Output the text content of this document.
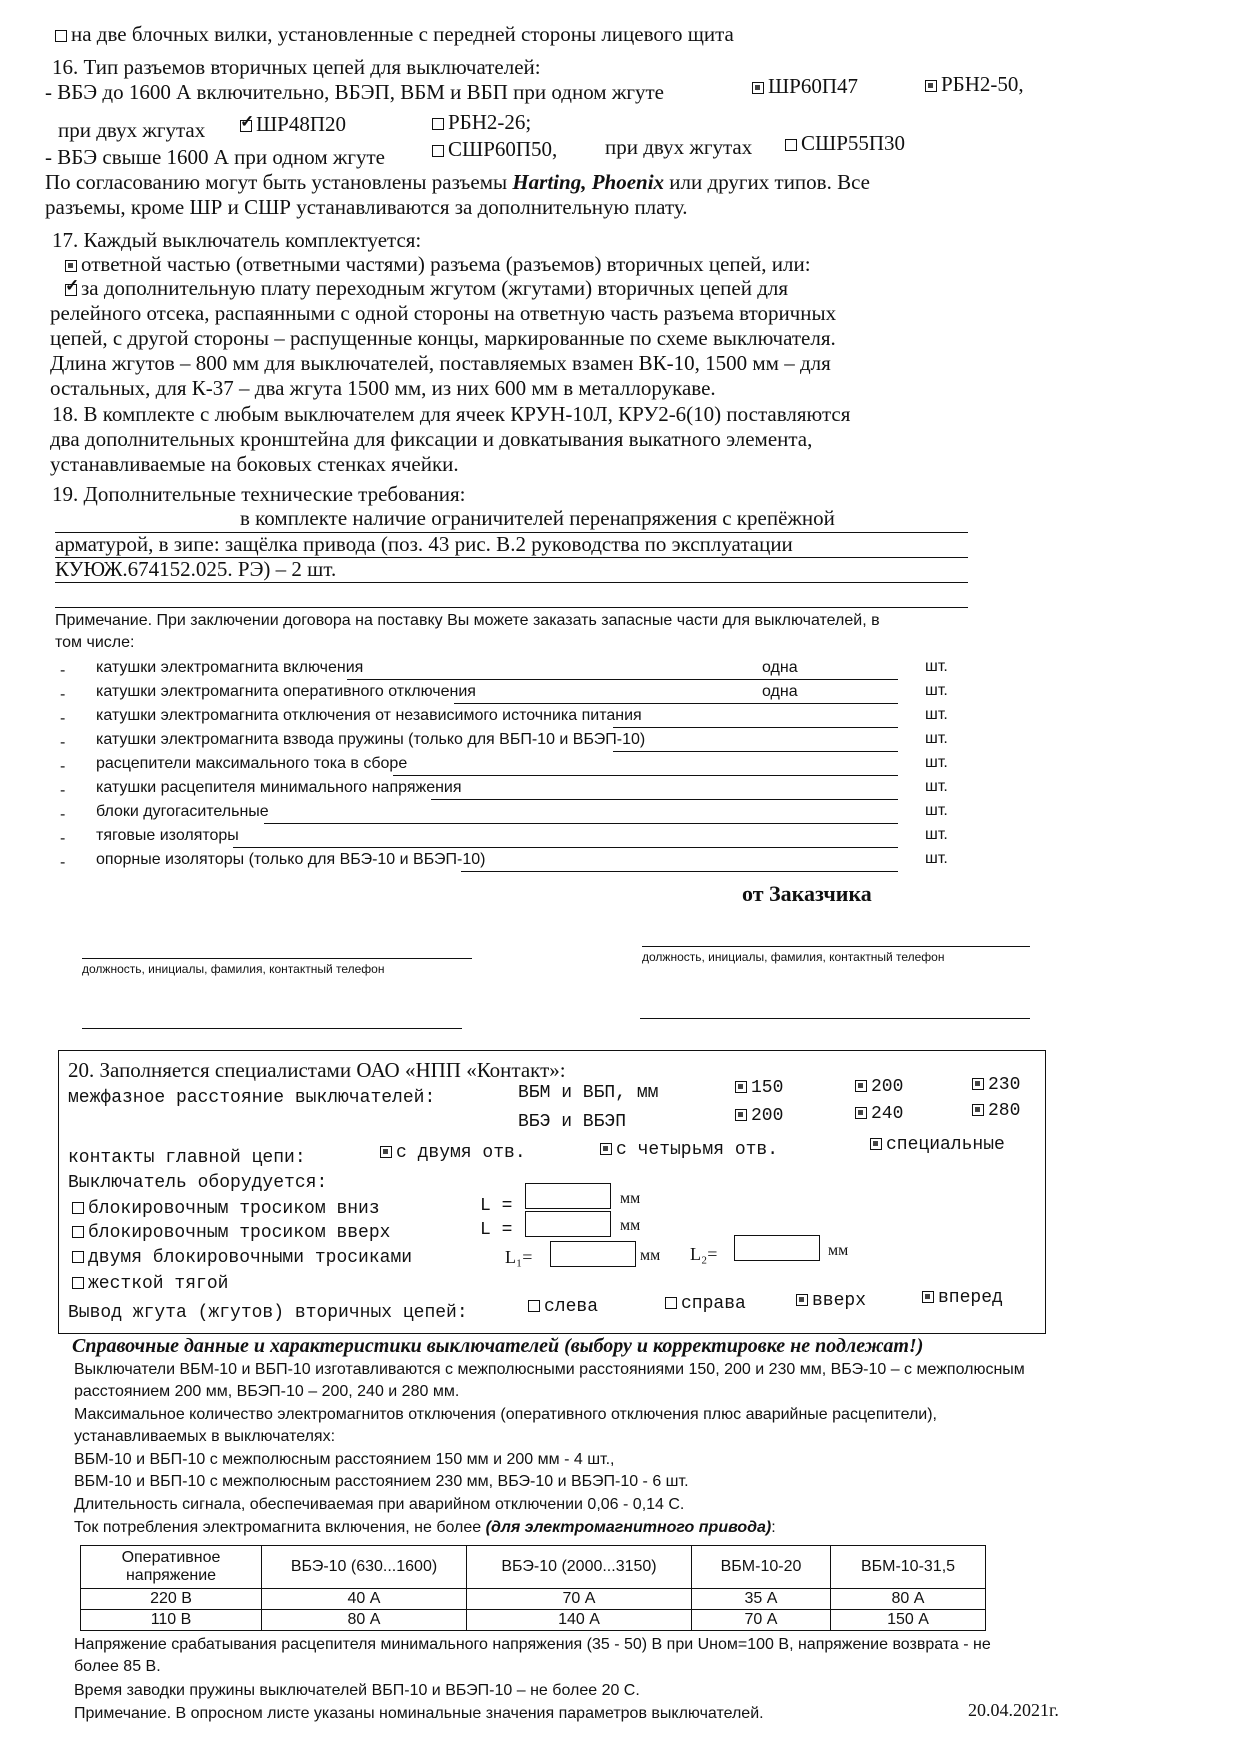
на две блочных вилки, установленные с передней стороны лицевого щита
16. Тип разъемов вторичных цепей для выключателей:
- ВБЭ до 1600 А включительно, ВБЭП, ВБМ и ВБП при одном жгуте	ШР60П47	РБН2-50,
при двух жгутах ✓	ШР48П20	РБН2-26;
- ВБЭ свыше 1600 А при одном жгуте	СШР60П50, при двух жгутах	СШР55П30
По согласованию могут быть установлены разъемы Harting, Phoenix или других типов. Все
разъемы, кроме ШР и СШР устанавливаются за дополнительную плату.
17. Каждый выключатель комплектуется:
ответной частью (ответными частями) разъема (разъемов) вторичных цепей, или:
✓за дополнительную плату переходным жгутом (жгутами) вторичных цепей для
релейного отсека, распаянными с одной стороны на ответную часть разъема вторичных
цепей, с другой стороны – распущенные концы, маркированные по схеме выключателя.
Длина жгутов – 800 мм для выключателей, поставляемых взамен ВК-10, 1500 мм – для
остальных, для К-37 – два жгута 1500 мм, из них 600 мм в металлорукаве.
18. В комплекте с любым выключателем для ячеек КРУН-10Л, КРУ2-6(10) поставляются
два дополнительных кронштейна для фиксации и довкатывания выкатного элемента,
устанавливаемые на боковых стенках ячейки.
19. Дополнительные технические требования:
в комплекте наличие ограничителей перенапряжения с крепёжной
арматурой, в зипе: защёлка привода (поз. 43 рис. В.2 руководства по эксплуатации
КУЮЖ.674152.025. РЭ) – 2 шт.
Примечание. При заключении договора на поставку Вы можете заказать запасные части для выключателей, в
том числе:
- катушки электромагнита включения	одна	шт.
- катушки электромагнита оперативного отключения	одна	шт.
- катушки электромагнита отключения от независимого источника питания	шт.
- катушки электромагнита взвода пружины (только для ВБП-10 и ВБЭП-10)	шт.
- расцепители максимального тока в сборе	шт.
- катушки расцепителя минимального напряжения	шт.
- блоки дугогасительные	шт.
- тяговые изоляторы	шт.
- опорные изоляторы (только для ВБЭ-10 и ВБЭП-10)	шт.
от Заказчика
должность, инициалы, фамилия, контактный телефон
должность, инициалы, фамилия, контактный телефон
20. Заполняется специалистами ОАО «НПП «Контакт»:
межфазное расстояние выключателей:	ВБМ и ВБП, мм
ВБЭ и ВБЭП
150	200	230
200	240	280
контакты главной цепи:	с двумя отв.	с четырьмя отв.	специальные
Выключатель оборудуется:
блокировочным тросиком вниз	L =	мм
блокировочным тросиком вверх	L =	мм
двумя блокировочными тросиками	L₁=	мм L₂=	мм
жесткой тягой
Вывод жгута (жгутов) вторичных цепей:	слева	справа	вверх	вперед
Справочные данные и характеристики выключателей (выбору и корректировке не подлежат!)
Выключатели ВБМ-10 и ВБП-10 изготавливаются с межполюсными расстояниями 150, 200 и 230 мм, ВБЭ-10 – с межполюсным
расстоянием 200 мм, ВБЭП-10 – 200, 240 и 280 мм.
Максимальное количество электромагнитов отключения (оперативного отключения плюс аварийные расцепители),
устанавливаемых в выключателях:
ВБМ-10 и ВБП-10 с межполюсным расстоянием 150 мм и 200 мм - 4 шт.,
ВБМ-10 и ВБП-10 с межполюсным расстоянием 230 мм, ВБЭ-10 и ВБЭП-10 - 6 шт.
Длительность сигнала, обеспечиваемая при аварийном отключении 0,06 - 0,14 С.
Ток потребления электромагнита включения, не более (для электромагнитного привода):
Оперативное напряжение	ВБЭ-10 (630...1600)	ВБЭ-10 (2000...3150)	ВБМ-10-20	ВБМ-10-31,5
220 В	40 А	70 А	35 А	80 А
110 В	80 А	140 А	70 А	150 А
Напряжение срабатывания расцепителя минимального напряжения (35 - 50) В при Uном=100 В, напряжение возврата - не
более 85 В.
Время заводки пружины выключателей ВБП-10 и ВБЭП-10 – не более 20 С.
Примечание. В опросном листе указаны номинальные значения параметров выключателей.	20.04.2021г.
